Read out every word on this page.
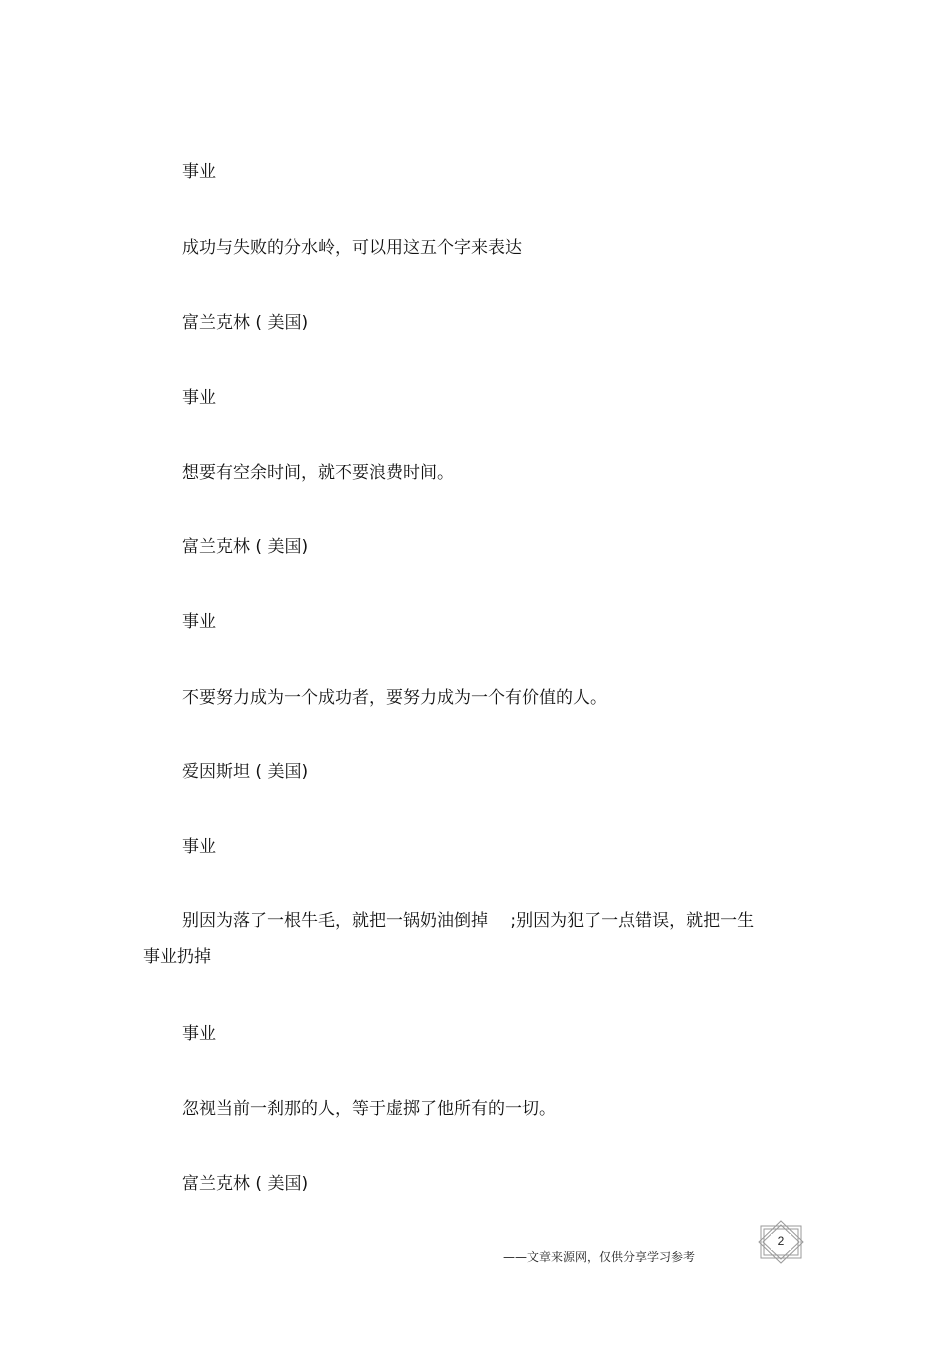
事业

成功与失败的分水岭，可以用这五个字来表达

富兰克林 ( 美国)

事业

想要有空余时间，就不要浪费时间。

富兰克林 ( 美国)

事业

不要努力成为一个成功者，要努力成为一个有价值的人。

爱因斯坦 ( 美国)

事业

别因为落了一根牛毛，就把一锅奶油倒掉 　;别因为犯了一点错误，就把一生
事业扔掉

事业

忽视当前一刹那的人，等于虚掷了他所有的一切。

富兰克林 ( 美国)

——文章来源网，仅供分享学习参考
2
